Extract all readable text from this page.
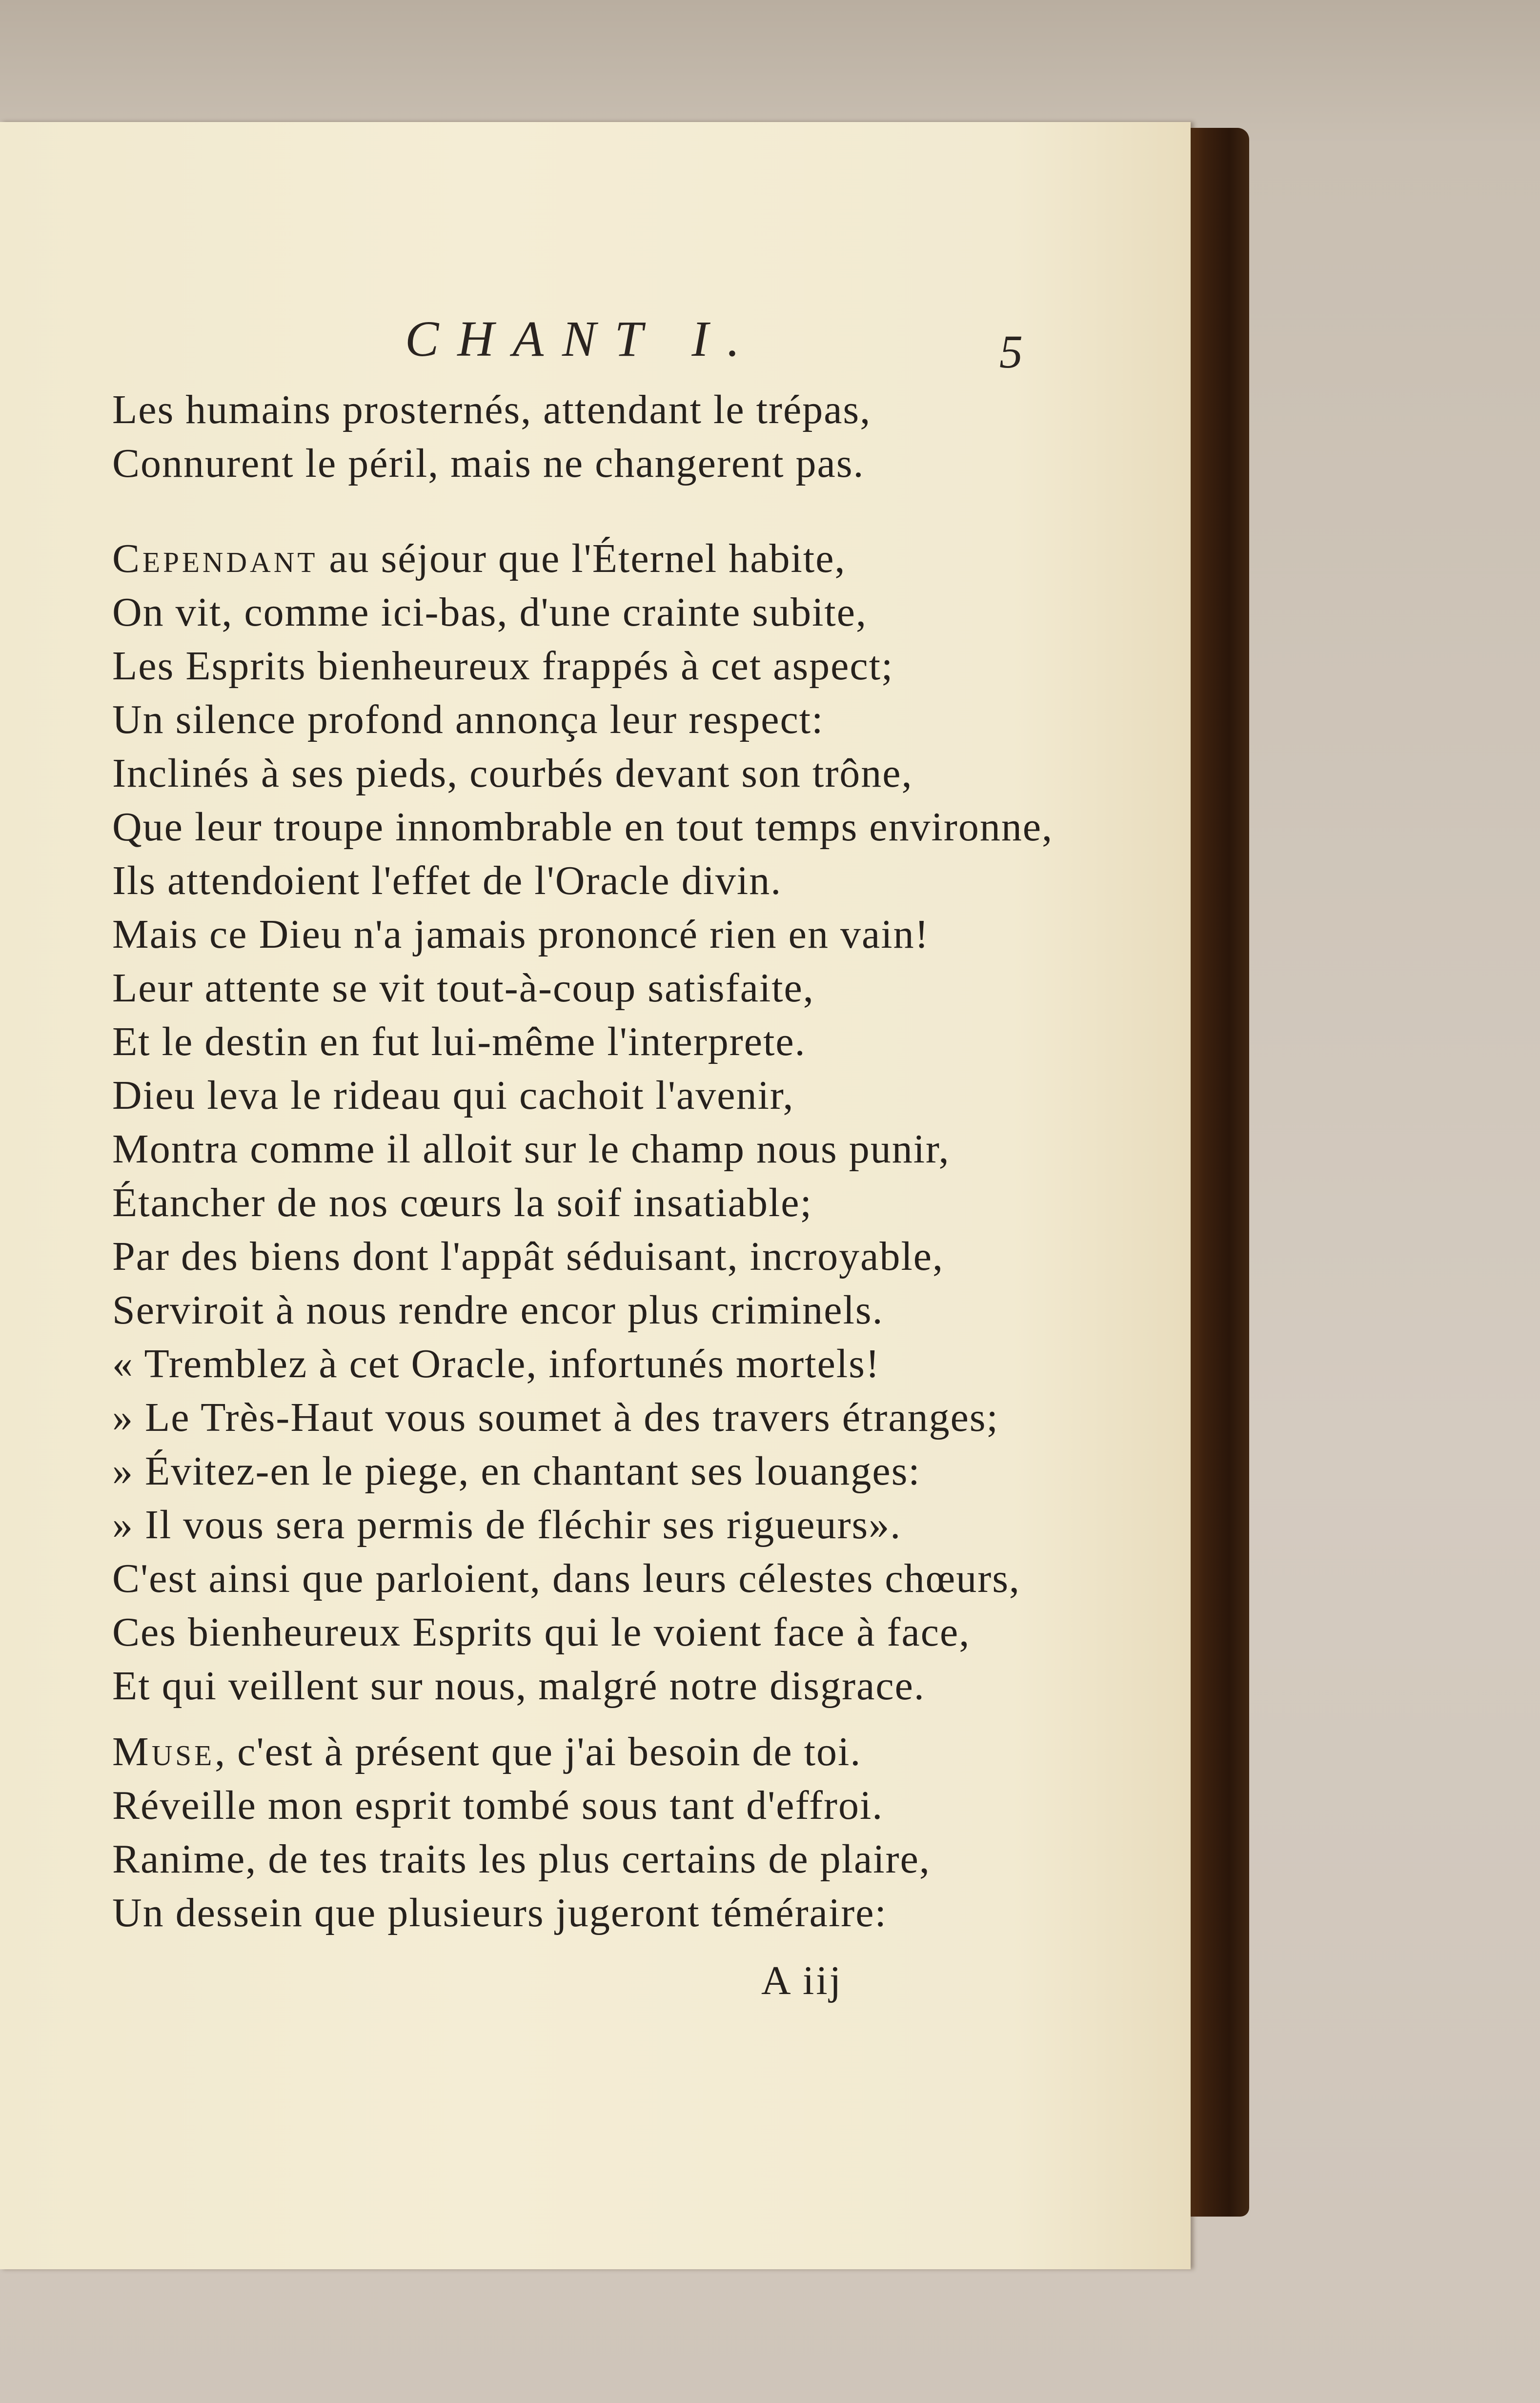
CHANT I.	5
Les humains prosternés, attendant le trépas,
Connurent le péril, mais ne changerent pas.
Cependant au séjour que l'Éternel habite,
On vit, comme ici-bas, d'une crainte subite,
Les Esprits bienheureux frappés à cet aspect;
Un silence profond annonça leur respect:
Inclinés à ses pieds, courbés devant son trône,
Que leur troupe innombrable en tout temps environne,
Ils attendoient l'effet de l'Oracle divin.
Mais ce Dieu n'a jamais prononcé rien en vain!
Leur attente se vit tout-à-coup satisfaite,
Et le destin en fut lui-même l'interprete.
Dieu leva le rideau qui cachoit l'avenir,
Montra comme il alloit sur le champ nous punir,
Étancher de nos cœurs la soif insatiable;
Par des biens dont l'appât séduisant, incroyable,
Serviroit à nous rendre encor plus criminels.
« Tremblez à cet Oracle, infortunés mortels!
» Le Très-Haut vous soumet à des travers étranges;
» Évitez-en le piege, en chantant ses louanges:
» Il vous sera permis de fléchir ses rigueurs».
C'est ainsi que parloient, dans leurs célestes chœurs,
Ces bienheureux Esprits qui le voient face à face,
Et qui veillent sur nous, malgré notre disgrace.
Muse, c'est à présent que j'ai besoin de toi.
Réveille mon esprit tombé sous tant d'effroi.
Ranime, de tes traits les plus certains de plaire,
Un dessein que plusieurs jugeront téméraire:
A iij
